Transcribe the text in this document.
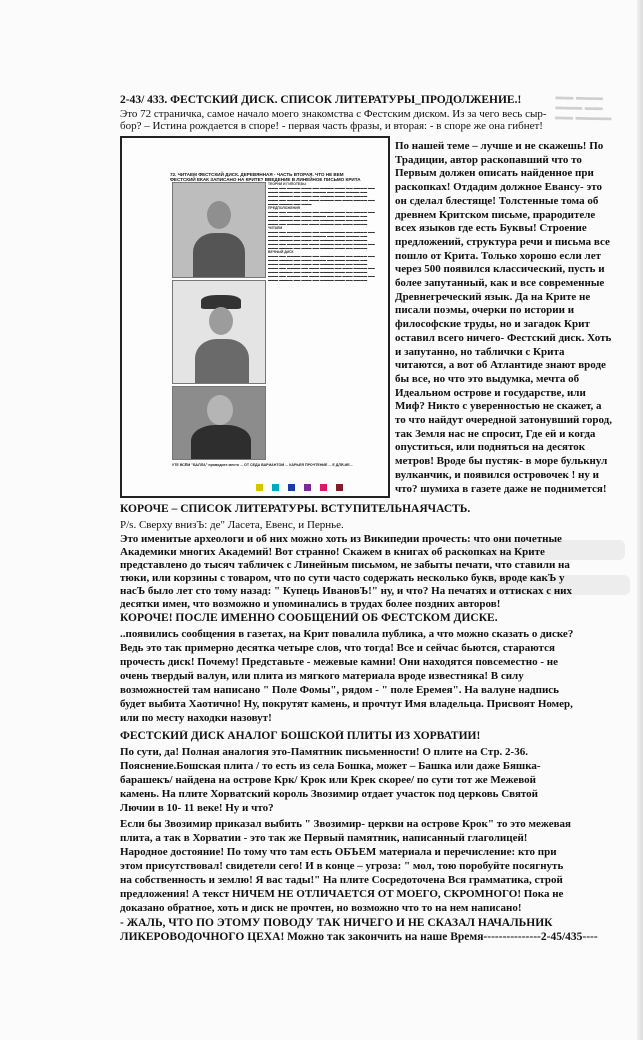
▬▬ ▬▬▬
▬▬▬ ▬▬
▬▬ ▬▬▬▬
2-43/ 433. ФЕСТСКИЙ ДИСК. СПИСОК ЛИТЕРАТУРЫ_ПРОДОЛЖЕНИЕ.!
Это 72 страничка, самое начало моего знакомства с Фестским диском. Из за чего весь сыр-
бор? – Истина рождается в споре! - первая часть фразы, и вторая: - в споре же она гибнет!
72. ЧИТАЕМ ФЕСТСКИЙ ДИСК. ДЕРЕВЯННАЯ - ЧАСТЬ ВТОРАЯ. ЧТО НЕ ВЕМ ФЕСТСКИЙ ЕКАК ЗАПИСАНО НА КРИТЕ? ВВЕДЕНИЕ В ЛИНЕЙНОЕ ПИСЬМО КРИТА
ТЕОРИИ И ГИПОТЕЗЫ
▬▬▬ ▬▬ ▬▬▬▬ ▬▬▬ ▬▬ ▬▬▬▬ ▬▬▬ ▬▬ ▬▬▬▬ ▬▬ ▬▬▬ ▬▬▬▬ ▬▬ ▬▬▬ ▬▬▬▬ ▬▬ ▬▬▬ ▬▬▬▬ ▬▬ ▬▬▬ ▬▬▬▬ ▬▬ ▬▬▬ ▬▬ ▬▬▬▬ ▬▬▬ ▬▬ ▬▬▬▬ ▬▬▬ ▬▬ ▬▬▬▬ ▬▬ ▬▬▬ ▬▬▬▬ ▬▬ ▬▬▬ ▬▬▬▬ ▬▬ ▬▬▬ ▬▬▬▬ ▬▬ ▬▬▬
ПРЕДПОЛОЖЕНИЯ
▬▬▬ ▬▬ ▬▬▬▬ ▬▬▬ ▬▬ ▬▬▬▬ ▬▬▬ ▬▬ ▬▬▬▬ ▬▬ ▬▬▬ ▬▬▬▬ ▬▬ ▬▬▬ ▬▬▬▬ ▬▬ ▬▬▬ ▬▬▬▬ ▬▬ ▬▬▬ ▬▬▬▬ ▬▬ ▬▬▬ ▬▬ ▬▬▬▬ ▬▬▬ ▬▬ ▬▬▬▬ ▬▬▬ ▬▬ ▬▬▬▬ ▬▬ ▬▬▬ ▬▬▬▬ ▬▬ ▬▬▬ ▬▬▬▬
ЧИТАЕМ
▬▬▬ ▬▬ ▬▬▬▬ ▬▬▬ ▬▬ ▬▬▬▬ ▬▬▬ ▬▬ ▬▬▬▬ ▬▬ ▬▬▬ ▬▬▬▬ ▬▬ ▬▬▬ ▬▬▬▬ ▬▬ ▬▬▬ ▬▬▬▬ ▬▬ ▬▬▬ ▬▬▬▬ ▬▬ ▬▬▬ ▬▬ ▬▬▬▬ ▬▬▬ ▬▬ ▬▬▬▬ ▬▬▬ ▬▬ ▬▬▬▬ ▬▬ ▬▬▬ ▬▬▬▬ ▬▬ ▬▬▬ ▬▬▬▬ ▬▬ ▬▬▬ ▬▬▬▬ ▬▬ ▬▬▬ ▬▬ ▬▬▬▬ ▬▬▬ ▬▬ ▬▬▬▬
ВЕЧНЫЙ ДИСК
▬▬▬ ▬▬ ▬▬▬▬ ▬▬▬ ▬▬ ▬▬▬▬ ▬▬▬ ▬▬ ▬▬▬▬ ▬▬ ▬▬▬ ▬▬▬▬ ▬▬ ▬▬▬ ▬▬▬▬ ▬▬ ▬▬▬ ▬▬▬▬ ▬▬ ▬▬▬ ▬▬▬▬ ▬▬ ▬▬▬ ▬▬ ▬▬▬▬ ▬▬▬ ▬▬ ▬▬▬▬ ▬▬▬ ▬▬ ▬▬▬▬ ▬▬ ▬▬▬ ▬▬▬▬ ▬▬ ▬▬▬ ▬▬▬▬ ▬▬ ▬▬▬ ▬▬▬▬ ▬▬ ▬▬▬ ▬▬ ▬▬▬▬ ▬▬▬ ▬▬ ▬▬▬▬ ▬▬▬ ▬▬ ▬▬▬▬ ▬▬ ▬▬▬ ▬▬▬▬ ▬▬ ▬▬▬ ▬▬▬▬ ▬▬ ▬▬▬ ▬▬▬▬ ▬▬ ▬▬▬ ▬▬ ▬▬▬▬ ▬▬▬ ▬▬ ▬▬▬▬
УТЕ ВСЁМ "БАЛЛА" проводите место ... ОТ СЕДА ВАРИАНТОМ ... КАРЬЕЯ ПРОЧТЕНИЕ ... Е ДЛЯ-ИЕ...
По нашей теме – лучше и не скажешь! По
Традиции, автор раскопавший что то
Первым должен описать найденное при
раскопках! Отдадим должное Евансу- это
он сделал блестяще! Толстенные тома об
древнем Критском письме, прародителе
всех языков где есть Буквы! Строение
предложений, структура речи и письма все
пошло от Крита. Только хорошо если лет
через 500 появился классический, пусть и
более запутанный, как и все современные
Древнегреческий язык. Да на Крите не
писали поэмы, очерки по истории и
философские труды, но и загадок Крит
оставил всего ничего- Фестский диск. Хоть
и запутанно, но таблички с Крита
читаются, а вот об Атлантиде знают вроде
бы все, но что это выдумка, мечта об
Идеальном острове и государстве, или
Миф? Никто с уверенностью не скажет, а
то что найдут очередной затонувший город,
так Земля нас не спросит, Где ей и когда
опуститься, или подняться на десяток
метров! Вроде бы пустяк- в море булькнул
вулканчик, и появился островочек ! ну и
что? шумиха в газете даже не поднимется!
КОРОЧЕ – СПИСОК ЛИТЕРАТУРЫ. ВСТУПИТЕЛЬНАЯЧАСТЬ.
Р/s. Сверху внизЪ: де" Ласета, Евенс, и Пернье.
Это именитые археологи и об них можно хоть из Википедии прочесть: что они почетные
Академики многих Академий! Вот странно! Скажем в книгах об раскопках на Крите
представлено до тысяч табличек с Линейным письмом, не забыты печати, что ставили на
тюки, или корзины с товаром, что по сути часто содержать несколько букв, вроде какЪ у
насЪ было лет сто тому назад: " Купець ИвановЪ!" ну, и что? На печатях и оттисках с них
десятки имен, что возможно и упоминались в трудах более поздних авторов!
КОРОЧЕ! ПОСЛЕ ИМЕННО СООБЩЕНИЙ ОБ ФЕСТСКОМ ДИСКЕ.
..появились сообщения в газетах, на Крит повалила публика, а что можно сказать о диске?
Ведь это так примерно десятка четыре слов, что тогда! Все и сейчас бьются, стараются
прочесть диск! Почему! Представьте - межевые камни! Они находятся повсеместно - не
очень твердый валун, или плита из мягкого материала вроде известняка! В силу
возможностей там написано " Поле Фомы", рядом - " поле Еремея". На валуне надпись
будет выбита Хаотично! Ну, покрутят камень, и прочтут Имя владельца. Присвоят Номер,
или по месту находки назовут!
ФЕСТСКИЙ ДИСК АНАЛОГ БОШСКОЙ ПЛИТЫ ИЗ ХОРВАТИИ!
По сути, да! Полная аналогия это-Памятник письменности! О плите на Стр. 2-36.
Пояснение.Бошская плита / то есть из села Бошка, может – Башка или даже Бяшка-
барашекъ/ найдена на острове Крк/ Крок или Крек скорее/ по сути тот же Межевой
камень. На плите Хорватский король Звозимир отдает участок под церковь Святой
Лючии в 10- 11 веке! Ну и что?
Если бы Звозимир приказал выбить " Звозимир- церкви на острове Крок" то это межевая
плита, а так в Хорватии - это так же Первый памятник, написанный глаголицей!
Народное достояние! По тому что там есть ОБЪЕМ материала и перечисление: кто при
этом присутствовал! свидетели сего! И в конце – угроза: " мол, тою поробуйте посягнуть
на собственность и землю! Я вас тады!" На плите Сосредоточена Вся грамматика, строй
предложения! А текст НИЧЕМ НЕ ОТЛИЧАЕТСЯ ОТ МОЕГО, СКРОМНОГО! Пока не
доказано обратное, хоть и диск не прочтен, но возможно что то на нем написано!
- ЖАЛЬ, ЧТО ПО ЭТОМУ ПОВОДУ ТАК НИЧЕГО И НЕ СКАЗАЛ НАЧАЛЬНИК
ЛИКЕРОВОДОЧНОГО ЦЕХА! Можно так закончить на наше Время---------------2-45/435----
